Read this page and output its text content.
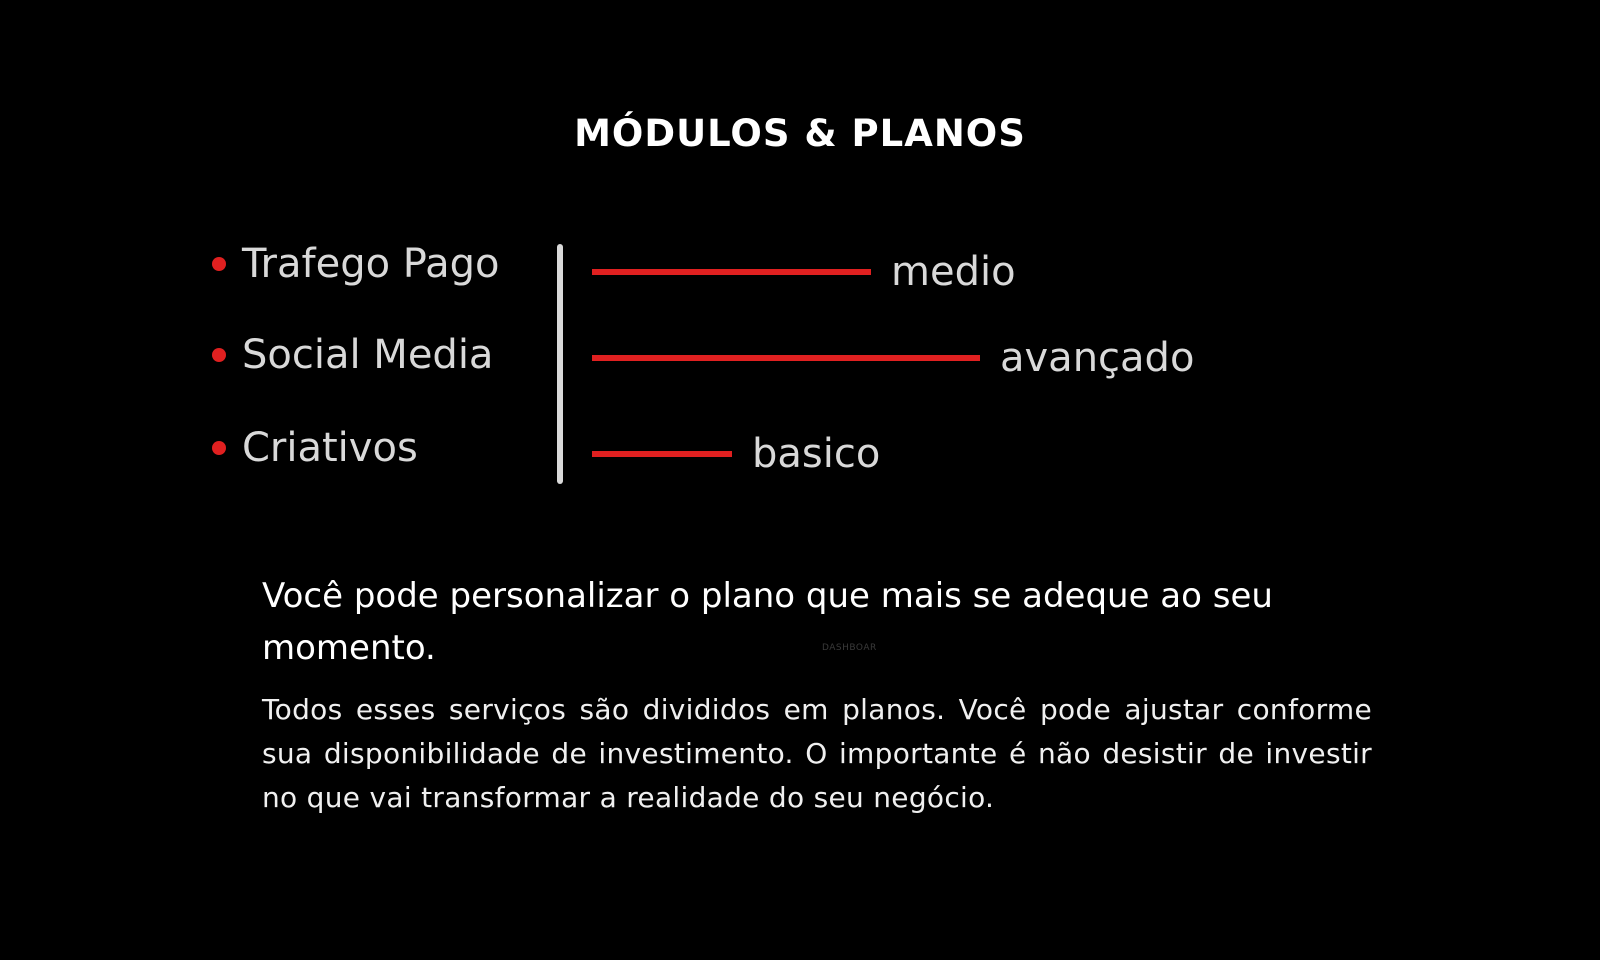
MÓDULOS & PLANOS
Trafego Pago
Social Media
Criativos
medio
avançado
basico
Você pode personalizar o plano que mais se adeque ao seu momento.	DASHBOAR
Todos esses serviços são divididos em planos. Você pode ajustar conforme sua disponibilidade de investimento. O importante é não desistir de investir no que vai transformar a realidade do seu negócio.
